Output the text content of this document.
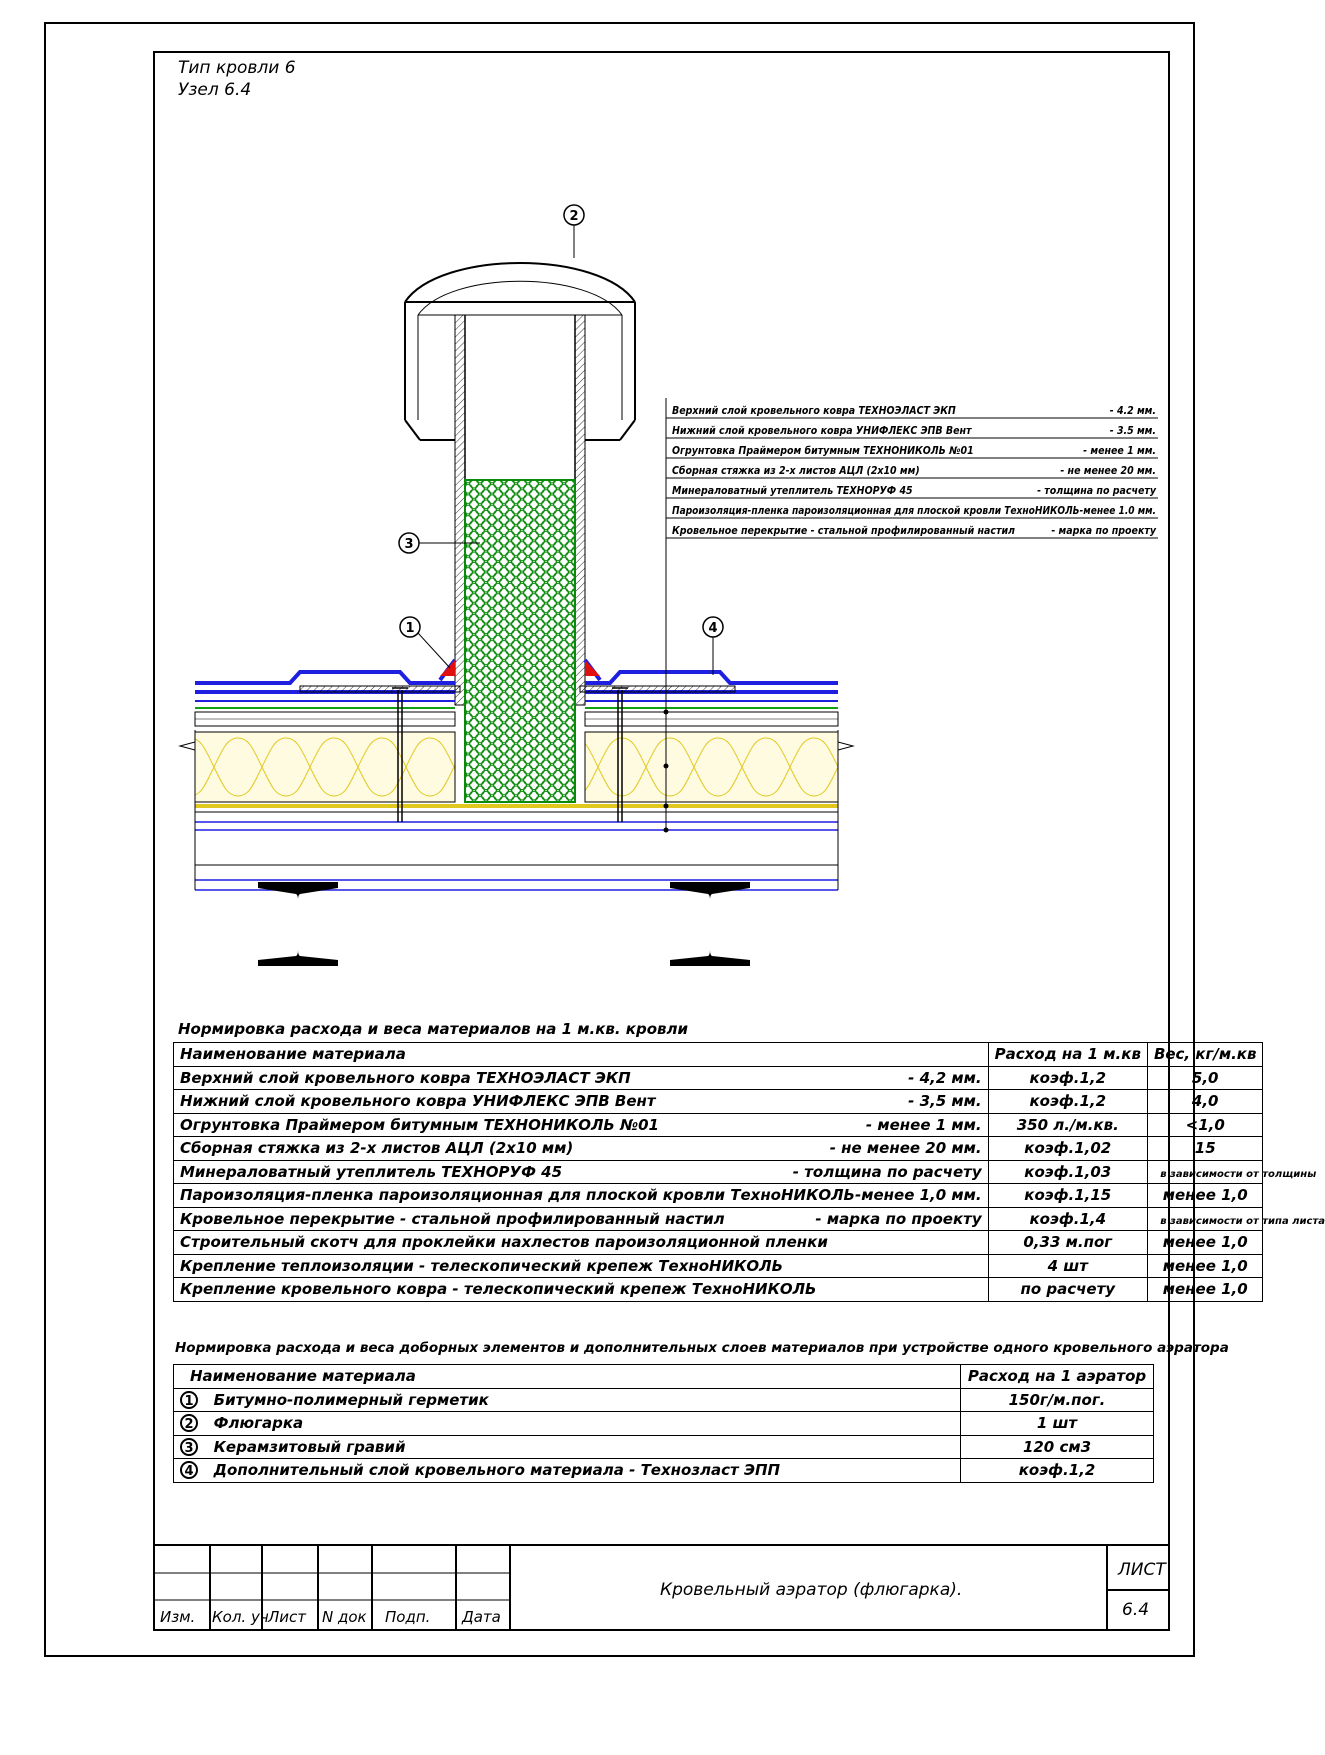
Тип кровли 6
Узел 6.4
2
3
1	4
Верхний слой кровельного ковра ТЕХНОЭЛАСТ ЭКП	- 4.2 мм.
Нижний слой кровельного ковра УНИФЛЕКС ЭПВ Вент	- 3.5 мм.
Огрунтовка Праймером битумным ТЕХНОНИКОЛЬ №01	- менее 1 мм.
Сборная стяжка из 2-х листов АЦЛ (2х10 мм)	- не менее 20 мм.
Минераловатный утеплитель ТЕХНОРУФ 45	- толщина по расчету
Пароизоляция-пленка пароизоляционная для плоской кровли ТехноНИКОЛЬ-менее 1.0 мм.
Кровельное перекрытие - стальной профилированный настил	- марка по проекту
Нормировка расхода и веса материалов на 1 м.кв. кровли
Наименование материала	Расход на 1 м.кв	Вес, кг/м.кв

Верхний слой кровельного ковра ТЕХНОЭЛАСТ ЭКП - 4,2 мм.	коэф.1,2	5,0

Нижний слой кровельного ковра УНИФЛЕКС ЭПВ Вент - 3,5 мм.	коэф.1,2	4,0

Огрунтовка Праймером битумным ТЕХНОНИКОЛЬ №01 - менее 1 мм.	350 л./м.кв.	<1,0

Сборная стяжка из 2-х листов АЦЛ (2х10 мм) - не менее 20 мм.	коэф.1,02	15

Минераловатный утеплитель ТЕХНОРУФ 45 - толщина по расчету	коэф.1,03	в зависимости от толщины

Пароизоляция-пленка пароизоляционная для плоской кровли ТехноНИКОЛЬ-менее 1,0 мм.	коэф.1,15	менее 1,0

Кровельное перекрытие - стальной профилированный настил - марка по проекту	коэф.1,4	в зависимости от типа листа

Строительный скотч для проклейки нахлестов пароизоляционной пленки	0,33 м.пог	менее 1,0

Крепление теплоизоляции - телескопический крепеж ТехноНИКОЛЬ	4 шт	менее 1,0

Крепление кровельного ковра - телескопический крепеж ТехноНИКОЛЬ	по расчету	менее 1,0
Нормировка расхода и веса доборных элементов и дополнительных слоев материалов при устройстве одного кровельного аэратора
Наименование материала	Расход на 1 аэратор
1 Битумно-полимерный герметик	150г/м.пог.
2 Флюгарка	1 шт
3 Керамзитовый гравий	120 см3
4 Дополнительный слой кровельного материала - Технозласт ЭПП	коэф.1,2
Изм. Кол. уч Лист N док Подп. Дата
Кровельный аэратор (флюгарка).
ЛИСТ
6.4
